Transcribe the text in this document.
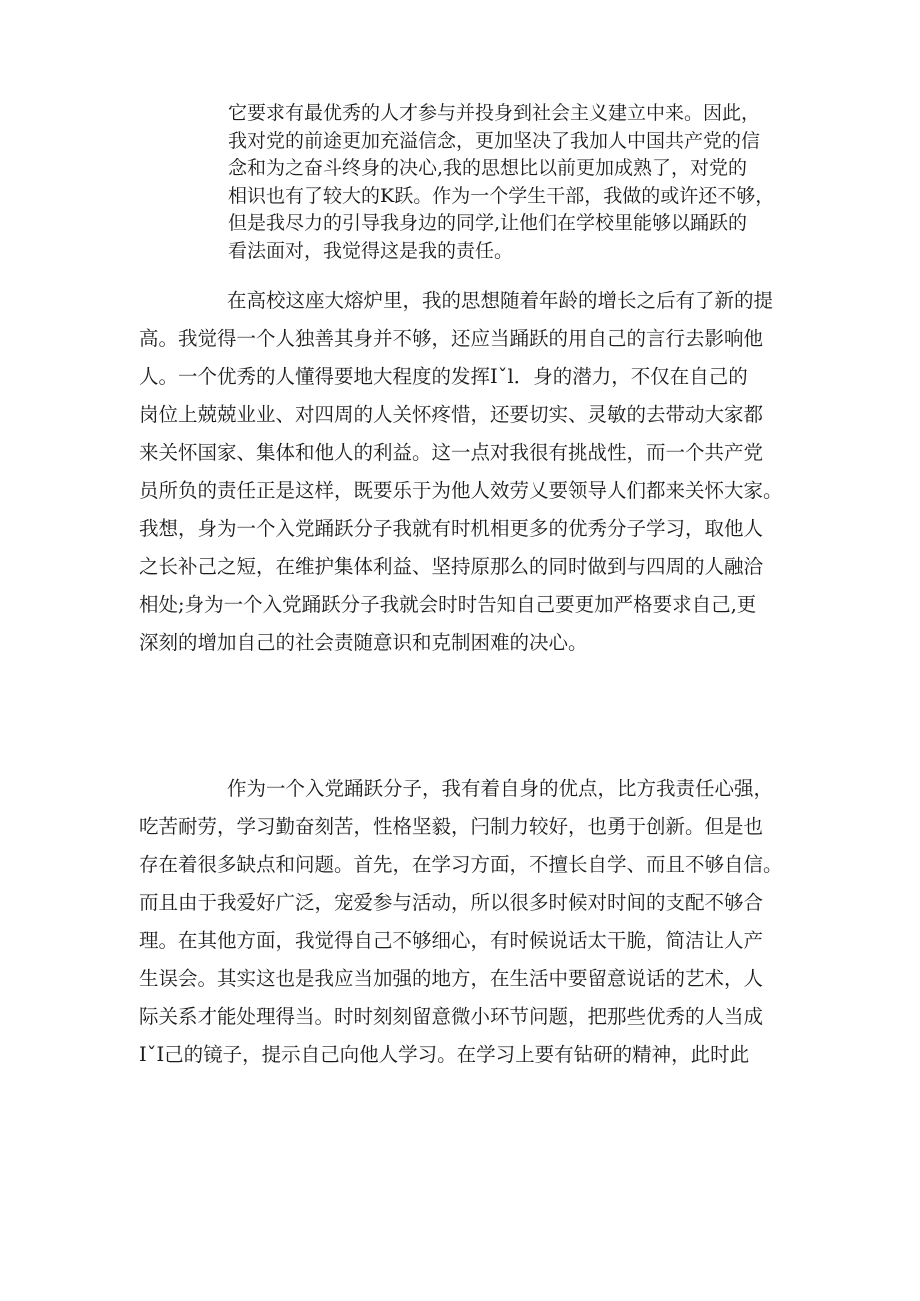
它要求有最优秀的人才参与并投身到社会主义建立中来。因此，
我对党的前途更加充溢信念，更加坚决了我加人中国共产党的信
念和为之奋斗终身的决心,我的思想比以前更加成熟了，对党的
相识也有了较大的K跃。作为一个学生干部，我做的或许还不够，
但是我尽力的引导我身边的同学,让他们在学校里能够以踊跃的
看法面对，我觉得这是我的责任。
在高校这座大熔炉里，我的思想随着年龄的增长之后有了新的提
高。我觉得一个人独善其身并不够，还应当踊跃的用自己的言行去影响他
人。一个优秀的人懂得要地大程度的发挥Iˇl．身的潜力，不仅在自己的
岗位上兢兢业业、对四周的人关怀疼惜，还要切实、灵敏的去带动大家都
来关怀国家、集体和他人的利益。这一点对我很有挑战性，而一个共产党
员所负的责任正是这样，既要乐于为他人效劳乂要领导人们都来关怀大家。
我想，身为一个入党踊跃分子我就有时机相更多的优秀分子学习，取他人
之长补己之短，在维护集体利益、坚持原那么的同时做到与四周的人融洽
相处;身为一个入党踊跃分子我就会时时告知自己要更加严格要求自己,更
深刻的增加自己的社会责随意识和克制困难的决心。
作为一个入党踊跃分子，我有着自身的优点，比方我责任心强，
吃苦耐劳，学习勤奋刻苦，性格坚毅，闩制力较好，也勇于创新。但是也
存在着很多缺点和问题。首先，在学习方面，不擅长自学、而且不够自信。
而且由于我爱好广泛，宠爱参与活动，所以很多时候对时间的支配不够合
理。在其他方面，我觉得自己不够细心，有时候说话太干脆，简洁让人产
生误会。其实这也是我应当加强的地方，在生活中要留意说话的艺术，人
际关系才能处理得当。时时刻刻留意微小环节问题，把那些优秀的人当成
IˇI己的镜子，提示自己向他人学习。在学习上要有钻研的精神，此时此
